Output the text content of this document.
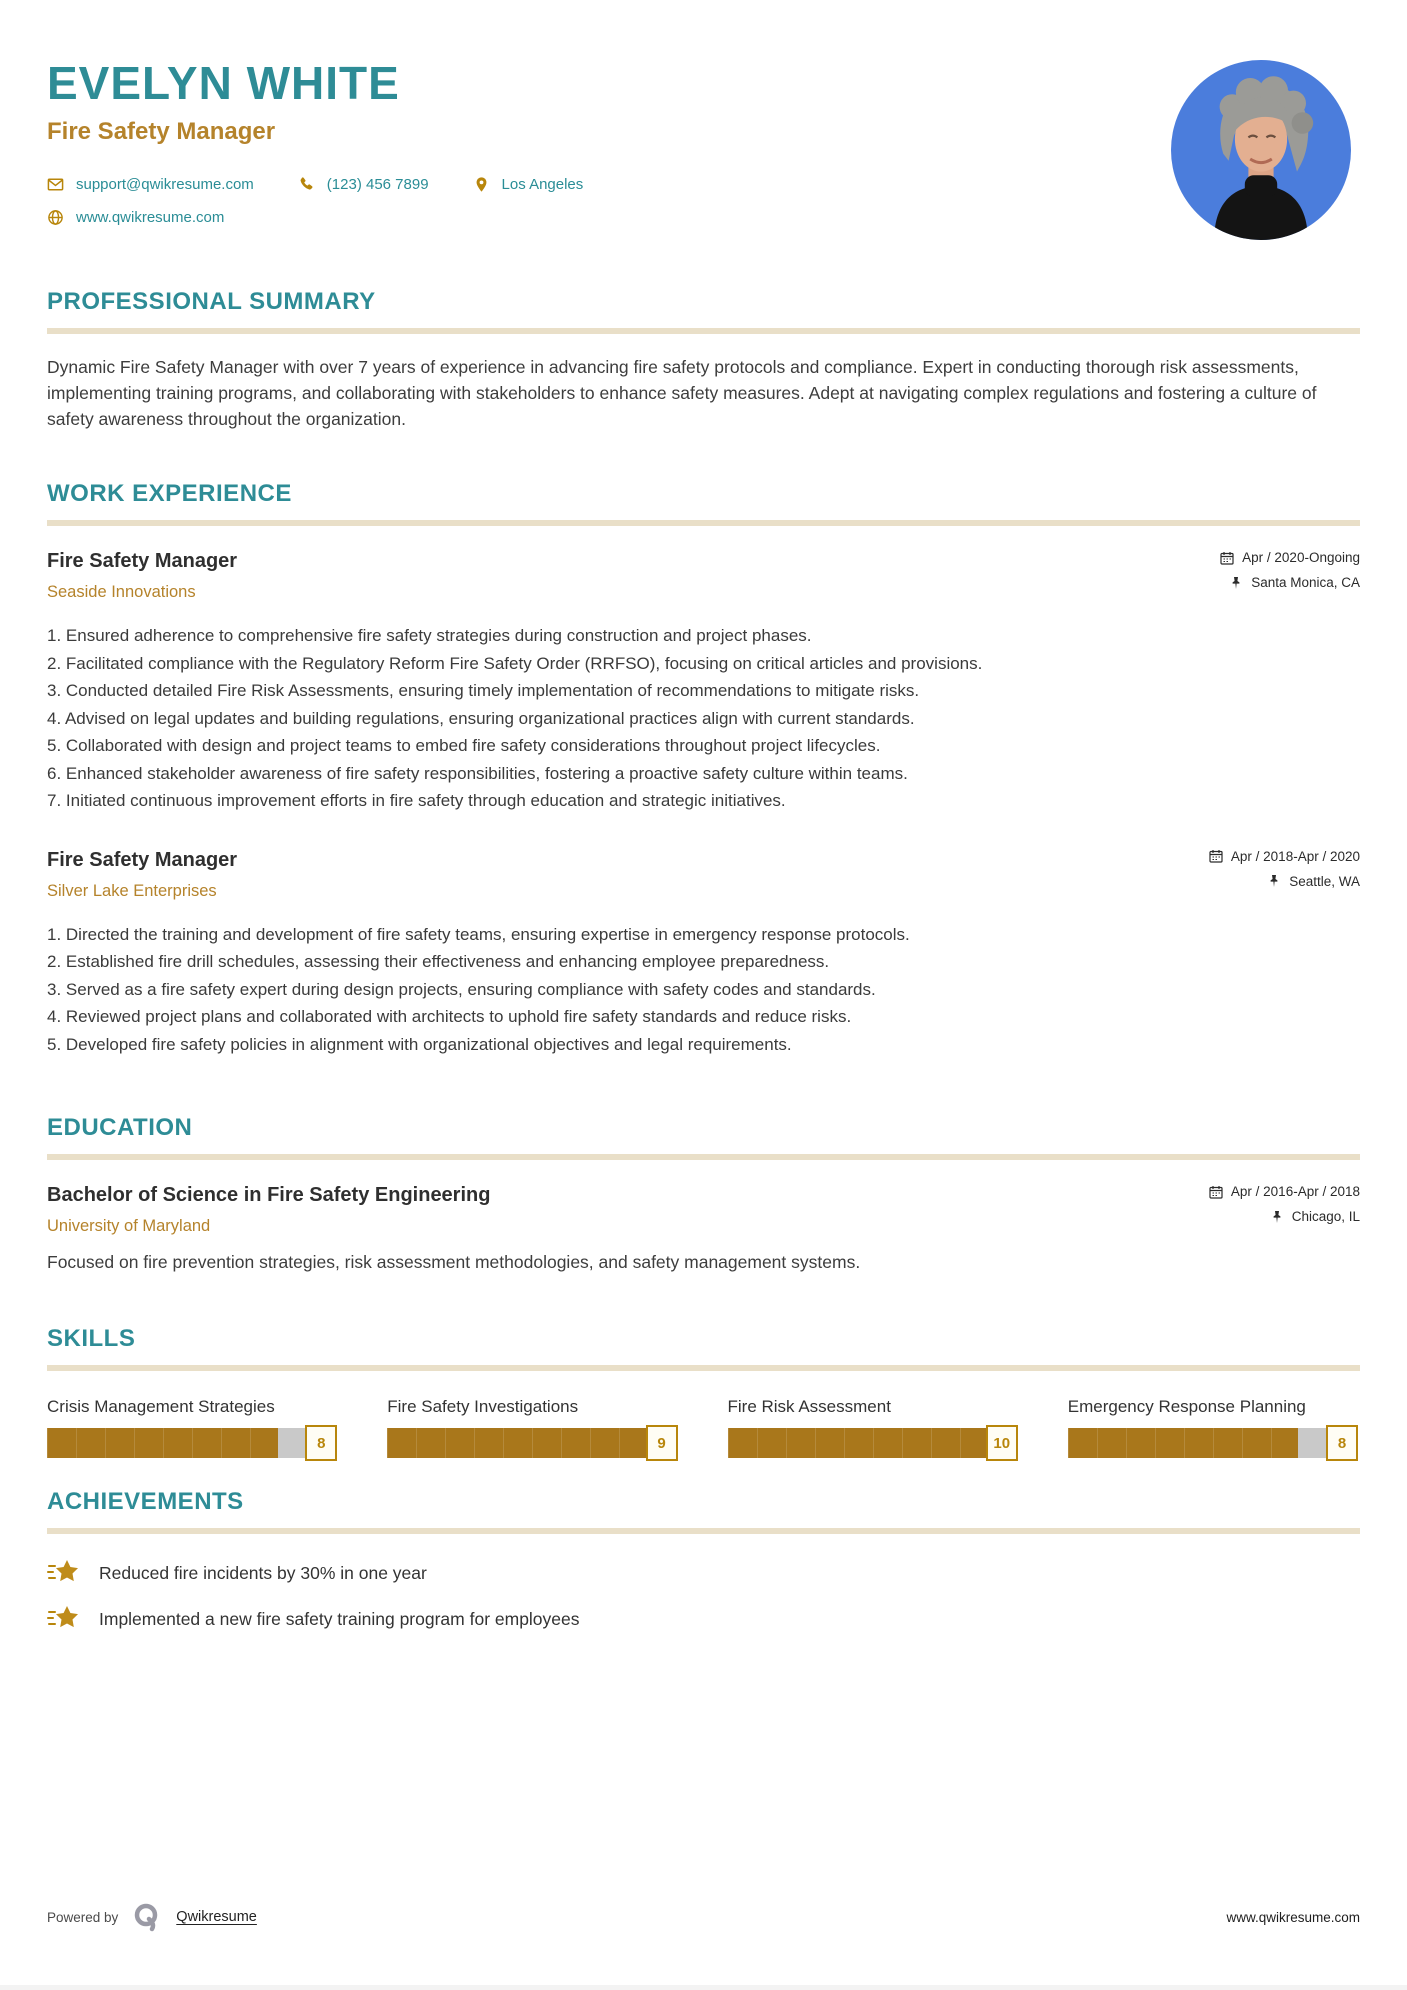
EVELYN WHITE
Fire Safety Manager
support@qwikresume.com	(123) 456 7899	Los Angeles
www.qwikresume.com
PROFESSIONAL SUMMARY

Dynamic Fire Safety Manager with over 7 years of experience in advancing fire safety protocols and compliance. Expert in conducting thorough risk assessments, implementing training programs, and collaborating with stakeholders to enhance safety measures. Adept at navigating complex regulations and fostering a culture of safety awareness throughout the organization.

WORK EXPERIENCE
Fire Safety Manager
Seaside Innovations
Apr / 2020-Ongoing
Santa Monica, CA
1. Ensured adherence to comprehensive fire safety strategies during construction and project phases.
2. Facilitated compliance with the Regulatory Reform Fire Safety Order (RRFSO), focusing on critical articles and provisions.
3. Conducted detailed Fire Risk Assessments, ensuring timely implementation of recommendations to mitigate risks.
4. Advised on legal updates and building regulations, ensuring organizational practices align with current standards.
5. Collaborated with design and project teams to embed fire safety considerations throughout project lifecycles.
6. Enhanced stakeholder awareness of fire safety responsibilities, fostering a proactive safety culture within teams.
7. Initiated continuous improvement efforts in fire safety through education and strategic initiatives.
Fire Safety Manager
Silver Lake Enterprises
Apr / 2018-Apr / 2020
Seattle, WA
1. Directed the training and development of fire safety teams, ensuring expertise in emergency response protocols.
2. Established fire drill schedules, assessing their effectiveness and enhancing employee preparedness.
3. Served as a fire safety expert during design projects, ensuring compliance with safety codes and standards.
4. Reviewed project plans and collaborated with architects to uphold fire safety standards and reduce risks.
5. Developed fire safety policies in alignment with organizational objectives and legal requirements.
EDUCATION
Bachelor of Science in Fire Safety Engineering
University of Maryland
Apr / 2016-Apr / 2018
Chicago, IL
Focused on fire prevention strategies, risk assessment methodologies, and safety management systems.
SKILLS
Crisis Management Strategies
8
Fire Safety Investigations
9
Fire Risk Assessment
10
Emergency Response Planning
8
ACHIEVEMENTS
Reduced fire incidents by 30% in one year
Implemented a new fire safety training program for employees
Powered by	Qwikresume	www.qwikresume.com
